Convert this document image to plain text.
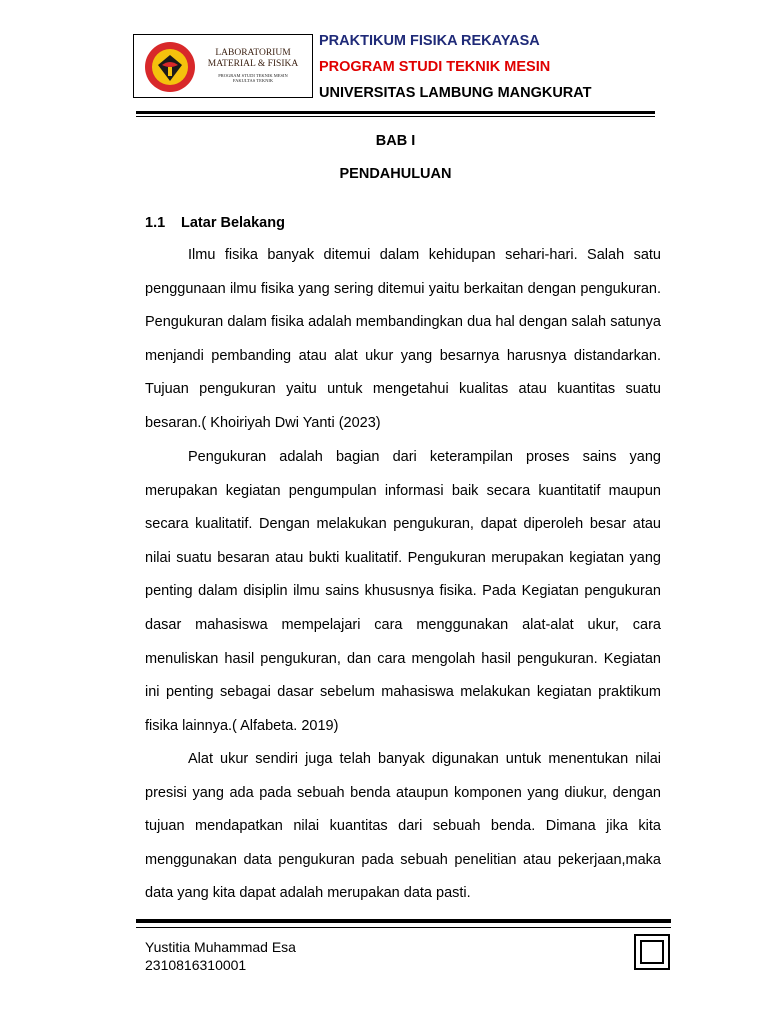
LABORATORIUM
MATERIAL & FISIKA
PROGRAM STUDI TEKNIK MESIN
FAKULTAS TEKNIK
PRAKTIKUM FISIKA REKAYASA
PROGRAM STUDI TEKNIK MESIN
UNIVERSITAS LAMBUNG MANGKURAT
BAB I
PENDAHULUAN
1.1 Latar Belakang

Ilmu fisika banyak ditemui dalam kehidupan sehari-hari. Salah satu penggunaan ilmu fisika yang sering ditemui yaitu berkaitan dengan pengukuran. Pengukuran dalam fisika adalah membandingkan dua hal dengan salah satunya menjandi pembanding atau alat ukur yang besarnya harusnya distandarkan. Tujuan pengukuran yaitu untuk mengetahui kualitas atau kuantitas suatu besaran.( Khoiriyah Dwi Yanti (2023)

Pengukuran adalah bagian dari keterampilan proses sains yang merupakan kegiatan pengumpulan informasi baik secara kuantitatif maupun secara kualitatif. Dengan melakukan pengukuran, dapat diperoleh besar atau nilai suatu besaran atau bukti kualitatif. Pengukuran merupakan kegiatan yang penting dalam disiplin ilmu sains khususnya fisika. Pada Kegiatan pengukuran dasar mahasiswa mempelajari cara menggunakan alat-alat ukur, cara menuliskan hasil pengukuran, dan cara mengolah hasil pengukuran. Kegiatan ini penting sebagai dasar sebelum mahasiswa melakukan kegiatan praktikum fisika lainnya.( Alfabeta. 2019)

Alat ukur sendiri juga telah banyak digunakan untuk menentukan nilai presisi yang ada pada sebuah benda ataupun komponen yang diukur, dengan tujuan mendapatkan nilai kuantitas dari sebuah benda. Dimana jika kita menggunakan data pengukuran pada sebuah penelitian atau pekerjaan,maka data yang kita dapat adalah merupakan data pasti.

Yustitia Muhammad Esa
2310816310001
